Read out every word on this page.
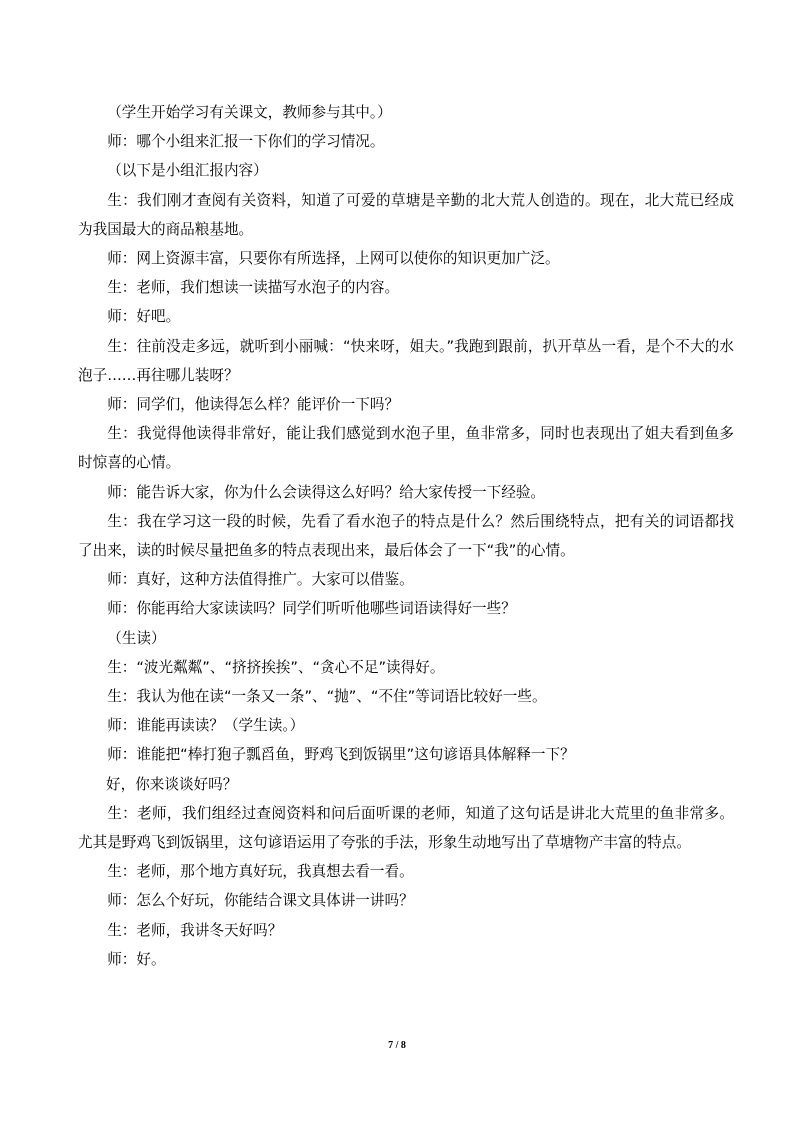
（学生开始学习有关课文，教师参与其中。）

师：哪个小组来汇报一下你们的学习情况。

（以下是小组汇报内容）

生：我们刚才查阅有关资料，知道了可爱的草塘是辛勤的北大荒人创造的。现在，北大荒已经成为我国最大的商品粮基地。

师：网上资源丰富，只要你有所选择，上网可以使你的知识更加广泛。

生：老师，我们想读一读描写水泡子的内容。

师：好吧。

生：往前没走多远，就听到小丽喊：“快来呀，姐夫。”我跑到跟前，扒开草丛一看，是个不大的水泡子……再往哪儿装呀？

师：同学们，他读得怎么样？能评价一下吗？

生：我觉得他读得非常好，能让我们感觉到水泡子里，鱼非常多，同时也表现出了姐夫看到鱼多时惊喜的心情。

师：能告诉大家，你为什么会读得这么好吗？给大家传授一下经验。

生：我在学习这一段的时候，先看了看水泡子的特点是什么？然后围绕特点，把有关的词语都找了出来，读的时候尽量把鱼多的特点表现出来，最后体会了一下“我”的心情。

师：真好，这种方法值得推广。大家可以借鉴。

师：你能再给大家读读吗？同学们听听他哪些词语读得好一些？

（生读）

生：“波光粼粼”、“挤挤挨挨”、“贪心不足”读得好。

生：我认为他在读“一条又一条”、“抛”、“不住”等词语比较好一些。

师：谁能再读读？（学生读。）

师：谁能把“棒打狍子瓢舀鱼，野鸡飞到饭锅里”这句谚语具体解释一下？

好，你来谈谈好吗？

生：老师，我们组经过查阅资料和问后面听课的老师，知道了这句话是讲北大荒里的鱼非常多。尤其是野鸡飞到饭锅里，这句谚语运用了夸张的手法，形象生动地写出了草塘物产丰富的特点。

生：老师，那个地方真好玩，我真想去看一看。

师：怎么个好玩，你能结合课文具体讲一讲吗？

生：老师，我讲冬天好吗？

师：好。

7 / 8
